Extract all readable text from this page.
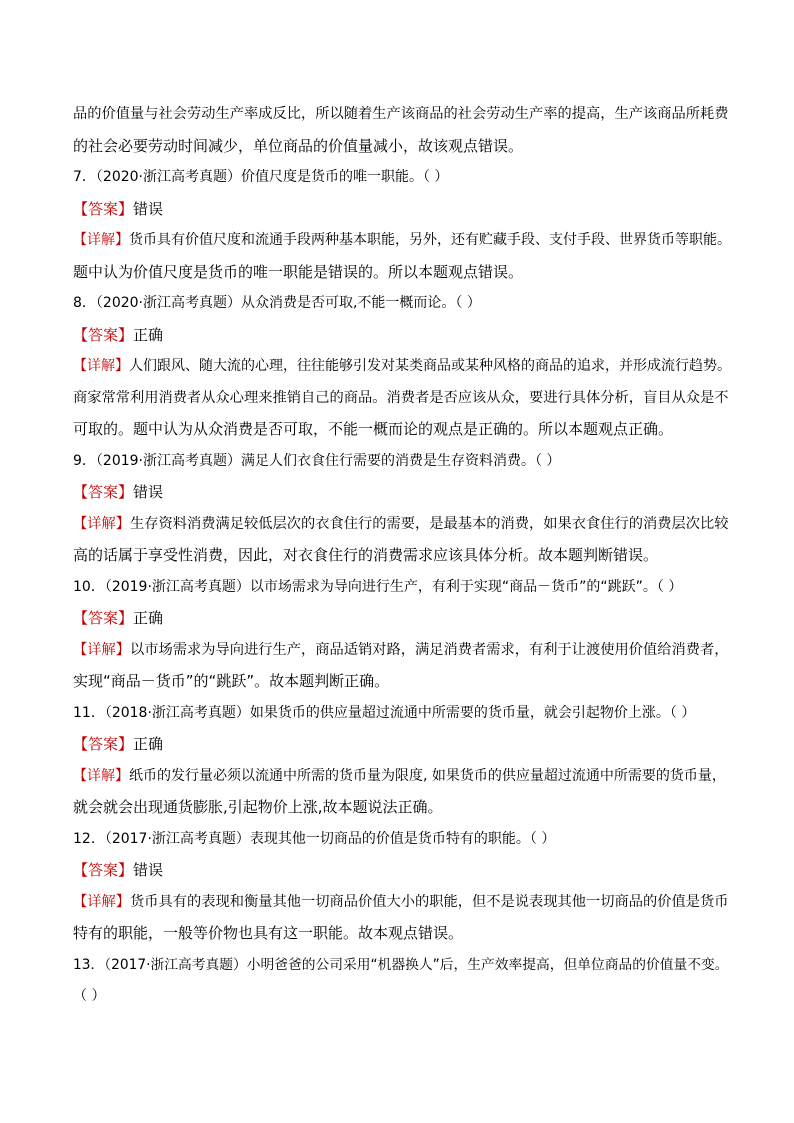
品的价值量与社会劳动生产率成反比，所以随着生产该商品的社会劳动生产率的提高，生产该商品所耗费
的社会必要劳动时间减少，单位商品的价值量减小，故该观点错误。
7．（2020·浙江高考真题）价值尺度是货币的唯一职能。（ ）
【答案】错误
【详解】货币具有价值尺度和流通手段两种基本职能，另外，还有贮藏手段、支付手段、世界货币等职能。
题中认为价值尺度是货币的唯一职能是错误的。所以本题观点错误。
8．（2020·浙江高考真题）从众消费是否可取,不能一概而论。（ ）
【答案】正确
【详解】人们跟风、随大流的心理，往往能够引发对某类商品或某种风格的商品的追求，并形成流行趋势。
商家常常利用消费者从众心理来推销自己的商品。消费者是否应该从众，要进行具体分析，盲目从众是不
可取的。题中认为从众消费是否可取，不能一概而论的观点是正确的。所以本题观点正确。
9．（2019·浙江高考真题）满足人们衣食住行需要的消费是生存资料消费。（ ）
【答案】错误
【详解】生存资料消费满足较低层次的衣食住行的需要，是最基本的消费，如果衣食住行的消费层次比较
高的话属于享受性消费，因此，对衣食住行的消费需求应该具体分析。故本题判断错误。
10．（2019·浙江高考真题）以市场需求为导向进行生产，有利于实现“商品－货币”的“跳跃”。（ ）
【答案】正确
【详解】以市场需求为导向进行生产，商品适销对路，满足消费者需求，有利于让渡使用价值给消费者，
实现“商品－货币”的“跳跃”。故本题判断正确。
11．（2018·浙江高考真题）如果货币的供应量超过流通中所需要的货币量，就会引起物价上涨。（ ）
【答案】正确
【详解】纸币的发行量必须以流通中所需的货币量为限度, 如果货币的供应量超过流通中所需要的货币量，
就会就会出现通货膨胀,引起物价上涨,故本题说法正确。
12．（2017·浙江高考真题）表现其他一切商品的价值是货币特有的职能。（ ）
【答案】错误
【详解】货币具有的表现和衡量其他一切商品价值大小的职能，但不是说表现其他一切商品的价值是货币
特有的职能，一般等价物也具有这一职能。故本观点错误。
13．（2017·浙江高考真题）小明爸爸的公司采用“机器换人”后，生产效率提高，但单位商品的价值量不变。
（ ）
